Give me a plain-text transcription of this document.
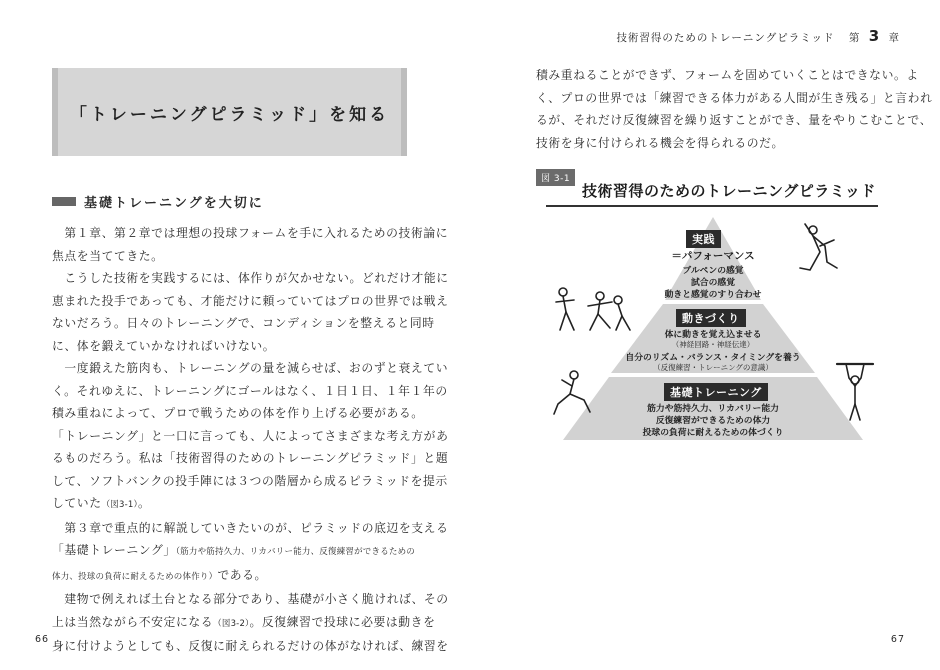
「トレーニングピラミッド」を知る
基礎トレーニングを大切に

　第１章、第２章では理想の投球フォームを手に入れるための技術論に

焦点を当ててきた。

　こうした技術を実践するには、体作りが欠かせない。どれだけ才能に

恵まれた投手であっても、才能だけに頼っていてはプロの世界では戦え

ないだろう。日々のトレーニングで、コンディションを整えると同時

に、体を鍛えていかなければいけない。

　一度鍛えた筋肉も、トレーニングの量を減らせば、おのずと衰えてい

く。それゆえに、トレーニングにゴールはなく、１日１日、１年１年の

積み重ねによって、プロで戦うための体を作り上げる必要がある。

「トレーニング」と一口に言っても、人によってさまざまな考え方があ

るものだろう。私は「技術習得のためのトレーニングピラミッド」と題

して、ソフトバンクの投手陣には３つの階層から成るピラミッドを提示

していた（図3-1）。

　第３章で重点的に解説していきたいのが、ピラミッドの底辺を支える

「基礎トレーニング」（筋力や筋持久力、リカバリー能力、反復練習ができるための

体力、投球の負荷に耐えるための体作り）である。

　建物で例えれば土台となる部分であり、基礎が小さく脆ければ、その

上は当然ながら不安定になる（図3-2）。反復練習で投球に必要は動きを

身に付けようとしても、反復に耐えられるだけの体がなければ、練習を

66
技術習得のためのトレーニングピラミッド 第 3 章

積み重ねることができず、フォームを固めていくことはできない。よ

く、プロの世界では「練習できる体力がある人間が生き残る」と言われ

るが、それだけ反復練習を繰り返すことができ、量をやりこむことで、

技術を身に付けられる機会を得られるのだ。

図 3-1
技術習得のためのトレーニングピラミッド
実践
＝パフォーマンス
ブルペンの感覚
試合の感覚
動きと感覚のすり合わせ
動きづくり
体に動きを覚え込ませる
（神経回路・神経伝達）
自分のリズム・バランス・タイミングを養う
（反復練習・トレーニングの意識）
基礎トレーニング
筋力や筋持久力、リカバリー能力
反復練習ができるための体力
投球の負荷に耐えるための体づくり
67
